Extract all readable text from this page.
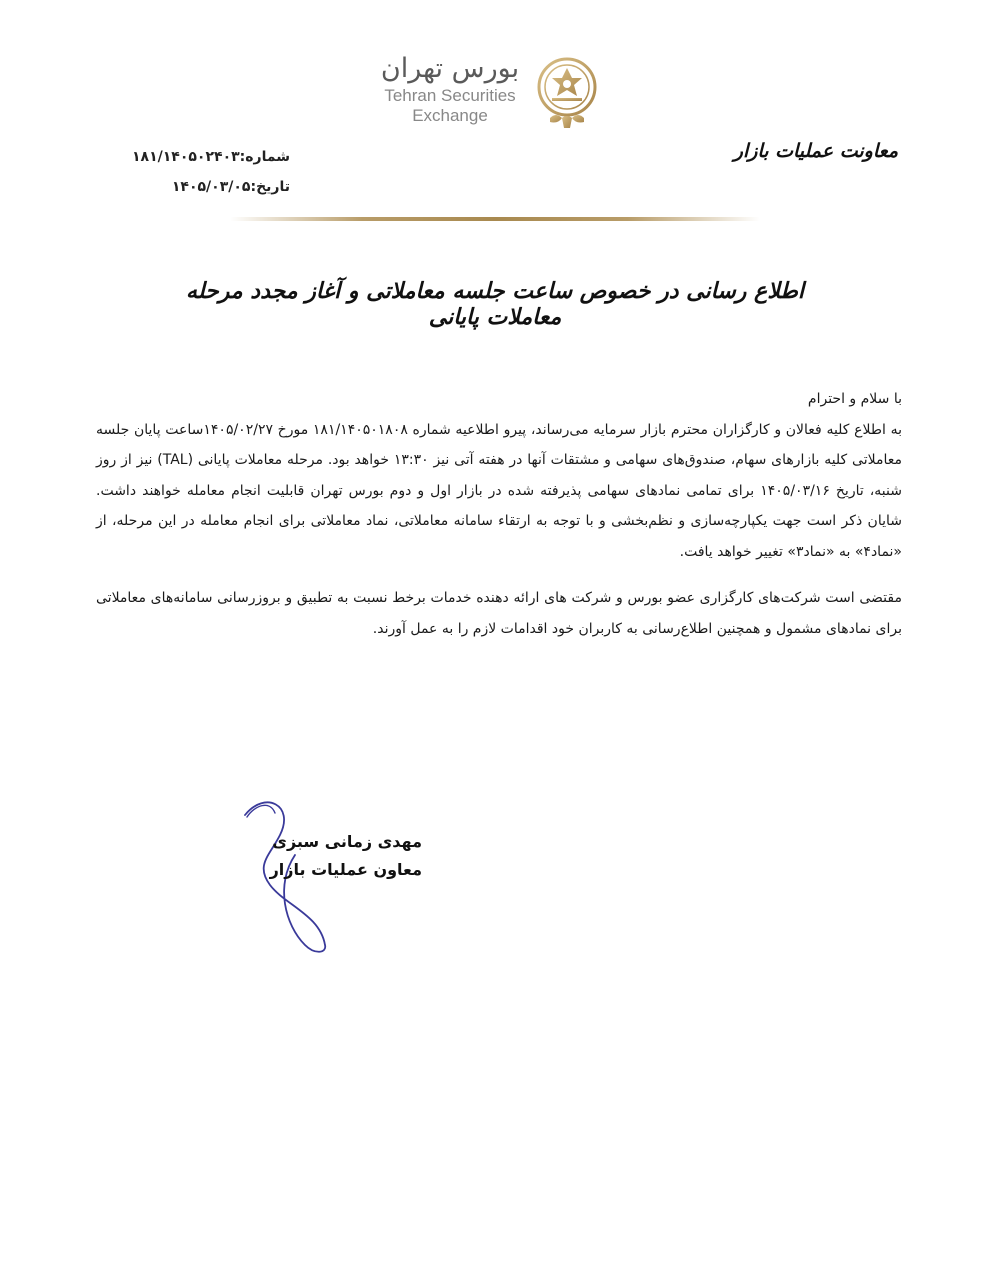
بورس تهران
Tehran Securities
Exchange
معاونت عملیات بازار
شماره:۱۸۱/۱۴۰۵۰۲۴۰۳
تاریخ:۱۴۰۵/۰۳/۰۵
اطلاع رسانی در خصوص ساعت جلسه معاملاتی و آغاز مجدد مرحله معاملات پایانی

با سلام و احترام

به اطلاع کلیه فعالان و کارگزاران محترم بازار سرمایه می‌رساند، پیرو اطلاعیه شماره ۱۸۱/۱۴۰۵۰۱۸۰۸ مورخ ۱۴۰۵/۰۲/۲۷ساعت پایان جلسه معاملاتی کلیه بازارهای سهام، صندوق‌های سهامی و مشتقات آنها در هفته آتی نیز ۱۳:۳۰ خواهد بود. مرحله معاملات پایانی (TAL) نیز از روز شنبه، تاریخ ۱۴۰۵/۰۳/۱۶ برای تمامی نمادهای سهامی پذیرفته شده در بازار اول و دوم بورس تهران قابلیت انجام معامله خواهند داشت. شایان ذکر است جهت یکپارچه‌سازی و نظم‌بخشی و با توجه به ارتقاء سامانه معاملاتی، نماد معاملاتی برای انجام معامله در این مرحله، از «نماد۴» به «نماد۳» تغییر خواهد یافت.

مقتضی است شرکت‌های کارگزاری عضو بورس و شرکت های ارائه دهنده خدمات برخط نسبت به تطبیق و بروزرسانی سامانه‌های معاملاتی برای نمادهای مشمول و همچنین اطلاع‌رسانی به کاربران خود اقدامات لازم را به عمل آورند.

مهدی زمانی سبزی
معاون عملیات بازار
